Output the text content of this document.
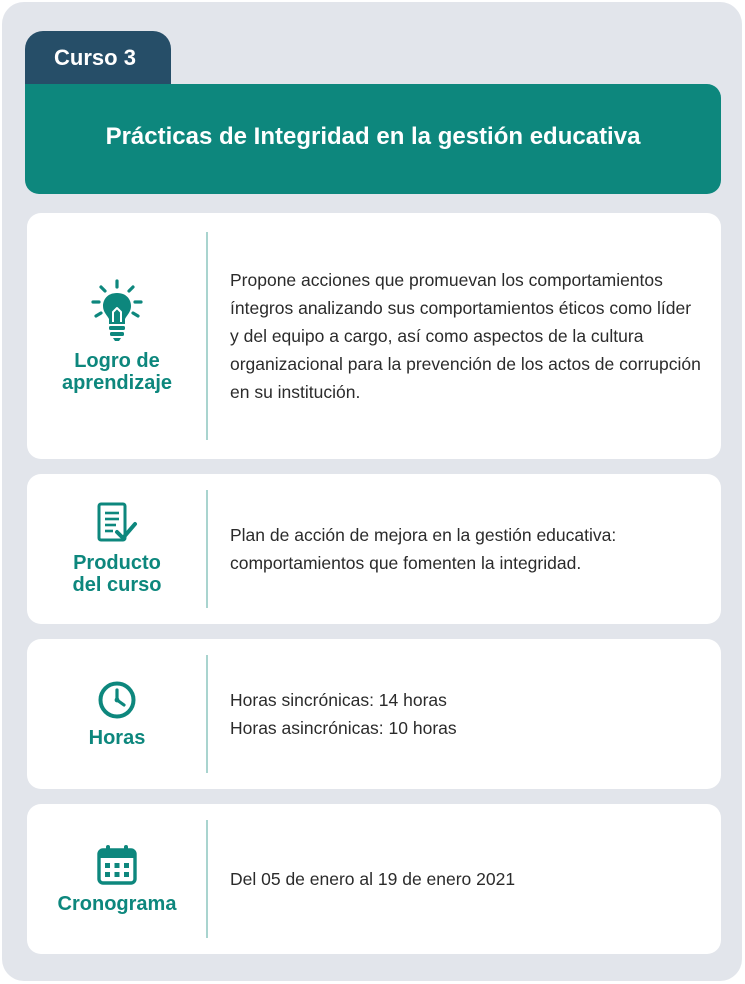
Curso 3
Prácticas de Integridad en la gestión educativa
Logro de
aprendizaje
Propone acciones que promuevan los comportamientos íntegros analizando sus comportamientos éticos como líder y del equipo a cargo, así como aspectos de la cultura organizacional para la prevención de los actos de corrupción en su institución.
Producto
del curso
Plan de acción de mejora en la gestión educativa: comportamientos que fomenten la integridad.
Horas
Horas sincrónicas: 14 horas
Horas asincrónicas: 10 horas
Cronograma
Del 05 de enero al 19 de enero 2021
